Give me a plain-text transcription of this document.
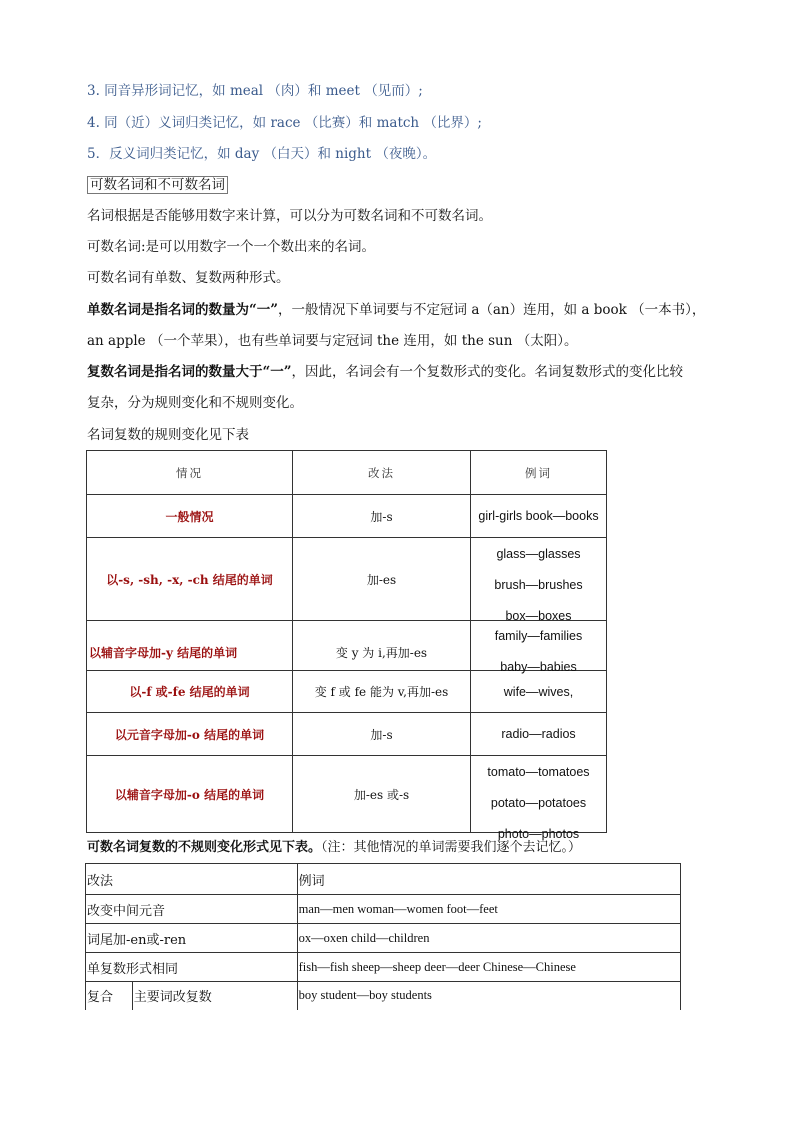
3. 同音异形词记忆，如 meal （肉）和 meet （见而）;
4. 同（近）义词归类记忆，如 race （比赛）和 match （比界）;
5．反义词归类记忆，如 day （白天）和 night （夜晚）。
可数名词和不可数名词
名词根据是否能够用数字来计算，可以分为可数名词和不可数名词。
可数名词:是可以用数字一个一个数出来的名词。
可数名词有单数、复数两种形式。
单数名词是指名词的数量为“一”，一般情况下单词要与不定冠词 a（an）连用，如 a book （一本书），
an apple （一个苹果），也有些单词要与定冠词 the 连用，如 the sun （太阳）。
复数名词是指名词的数量大于“一”，因此，名词会有一个复数形式的变化。名词复数形式的变化比较
复杂，分为规则变化和不规则变化。
名词复数的规则变化见下表
情况	改法	例词
一般情况	加-s	girl-girls book—books
以-s, -sh, -x, -ch 结尾的单词	加-es	glass—glasses
brush—brushes
box—boxes

以辅音字母加-y 结尾的单词	变 y 为 i,再加-es	family—families
baby—babies

以-f 或-fe 结尾的单词	变 f 或 fe 能为 v,再加-es	wife—wives,
以元音字母加-o 结尾的单词	加-s	radio—radios
以辅音字母加-o 结尾的单词	加-es 或-s	tomato—tomatoes
potato—potatoes
photo—photos
可数名词复数的不规则变化形式见下表。（注：其他情况的单词需要我们逐个去记忆。）
改法		例词
改变中间元音		man—men woman—women foot—feet
词尾加-en或-ren		ox—oxen child—children
单复数形式相同		fish—fish sheep—sheep deer—deer Chinese—Chinese
复合	主要词改复数	boy student—boy students
